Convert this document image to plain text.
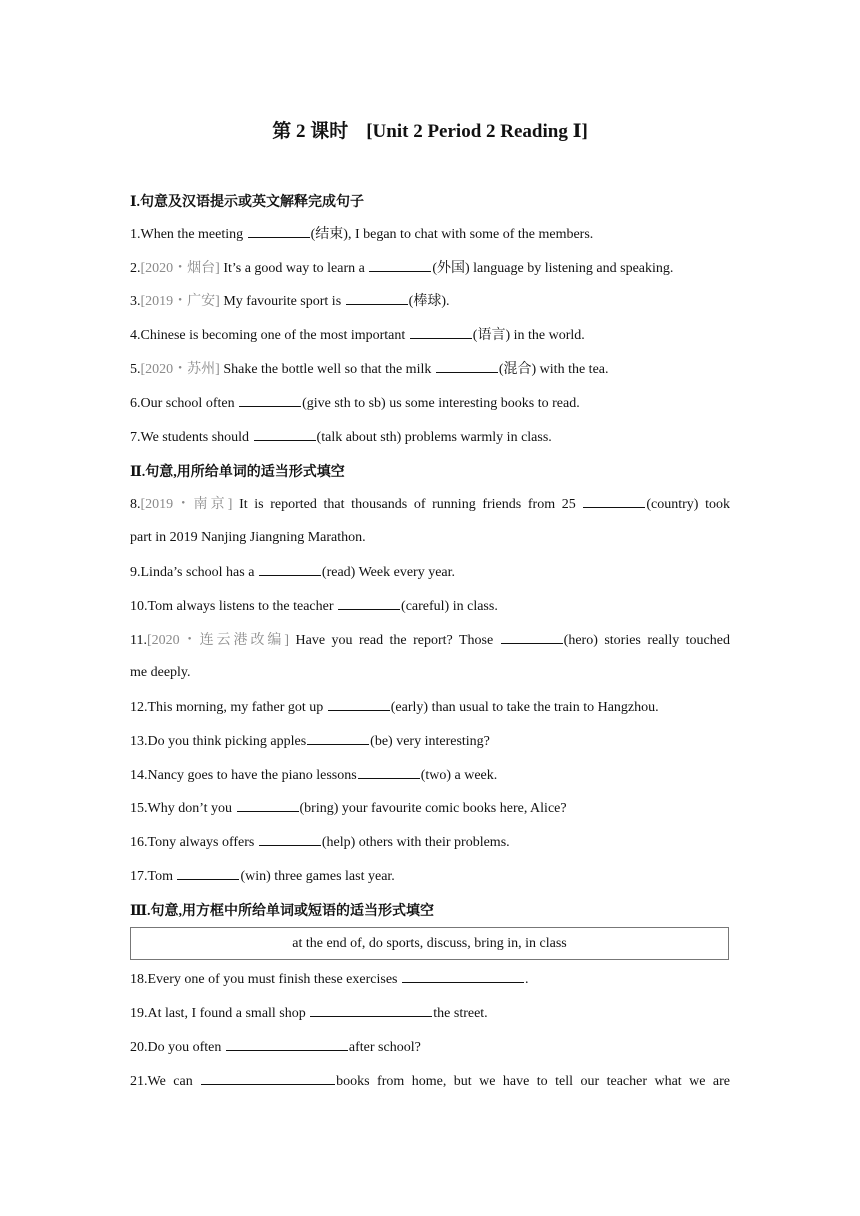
第 2 课时 [Unit 2 Period 2 Reading Ⅰ]
Ⅰ.句意及汉语提示或英文解释完成句子
1.When the meeting	(结束), I began to chat with some of the members.
2.[2020・烟台] It’s a good way to learn a	(外国) language by listening and speaking.
3.[2019・广安] My favourite sport is	(棒球).
4.Chinese is becoming one of the most important	(语言) in the world.
5.[2020・苏州] Shake the bottle well so that the milk	(混合) with the tea.
6.Our school often	(give sth to sb) us some interesting books to read.
7.We students should	(talk about sth) problems warmly in class.
Ⅱ.句意,用所给单词的适当形式填空
8.[2019・南京] It is reported that thousands of running friends from 25	(country) took
part in 2019 Nanjing Jiangning Marathon.
9.Linda’s school has a	(read) Week every year.
10.Tom always listens to the teacher	(careful) in class.
11.[2020・连云港改编] Have you read the report? Those	(hero) stories really touched
me deeply.
12.This morning, my father got up	(early) than usual to take the train to Hangzhou.
13.Do you think picking apples	(be) very interesting?
14.Nancy goes to have the piano lessons	(two) a week.
15.Why don’t you	(bring) your favourite comic books here, Alice?
16.Tony always offers	(help) others with their problems.
17.Tom	(win) three games last year.
Ⅲ.句意,用方框中所给单词或短语的适当形式填空
at the end of, do sports, discuss, bring in, in class
18.Every one of you must finish these exercises	.
19.At last, I found a small shop	the street.
20.Do you often	after school?
21.We can	books from home, but we have to tell our teacher what we are
